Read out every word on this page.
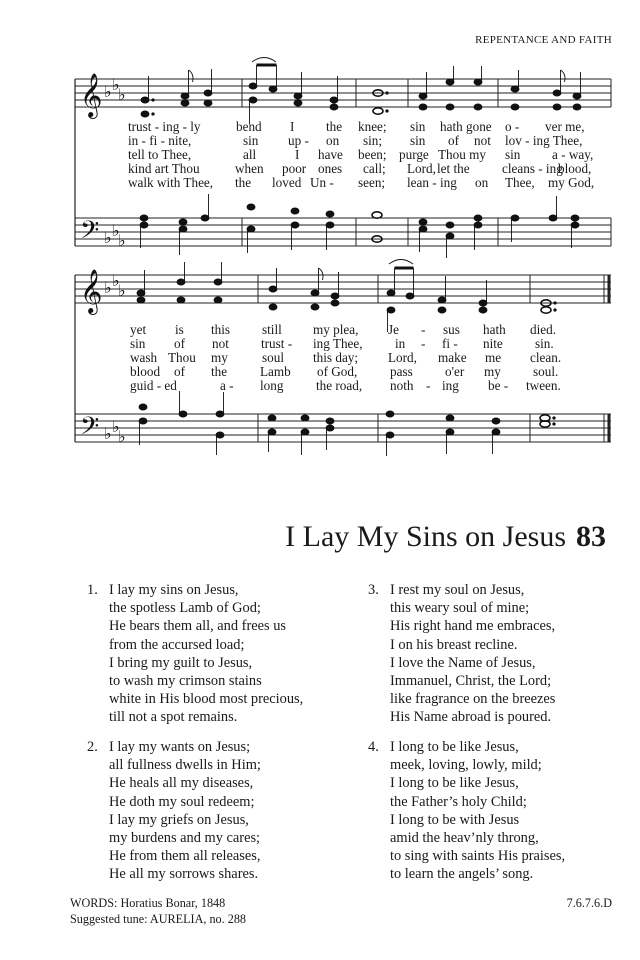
REPENTANCE AND FAITH
𝄞
𝄢
𝄞
𝄢
♭ ♭
♭
♭ ♭
♭
♭ ♭
♭
♭ ♭
♭
trust - ing - ly	bend I the knee; sin hath gone o - ver me,
in - fi - nite,	sin up - on sin; sin of not lov - ing Thee,
tell to Thee,	all	I have been; purge Thou my sin a - way,
kind art Thou	when poor ones call; Lord, let the cleans - ing
blood,
walk with Thee, the loved Un - seen; lean - ing on Thee, my God,
yet is this still my plea, Je - sus hath died.
sin of not trust - ing Thee, in - fi - nite sin.
wash Thou my	soul this day; Lord, make me clean.
blood of the Lamb of God, pass o'er my soul.
guid - ed	a - long the road, noth - ing be - tween.
I Lay My Sins on Jesus 83
1. I lay my sins on Jesus,
the spotless Lamb of God;
He bears them all, and frees us
from the accursed load;
I bring my guilt to Jesus,
to wash my crimson stains
white in His blood most precious,
till not a spot remains.
2. I lay my wants on Jesus;
all fullness dwells in Him;
He heals all my diseases,
He doth my soul redeem;
I lay my griefs on Jesus,
my burdens and my cares;
He from them all releases,
He all my sorrows shares.
3. I rest my soul on Jesus,
this weary soul of mine;
His right hand me embraces,
I on his breast recline.
I love the Name of Jesus,
Immanuel, Christ, the Lord;
like fragrance on the breezes
His Name abroad is poured.
4. I long to be like Jesus,
meek, loving, lowly, mild;
I long to be like Jesus,
the Father’s holy Child;
I long to be with Jesus
amid the heav’nly throng,
to sing with saints His praises,
to learn the angels’ song.
WORDS: Horatius Bonar, 1848
Suggested tune: AURELIA, no. 288
7.6.7.6.D
